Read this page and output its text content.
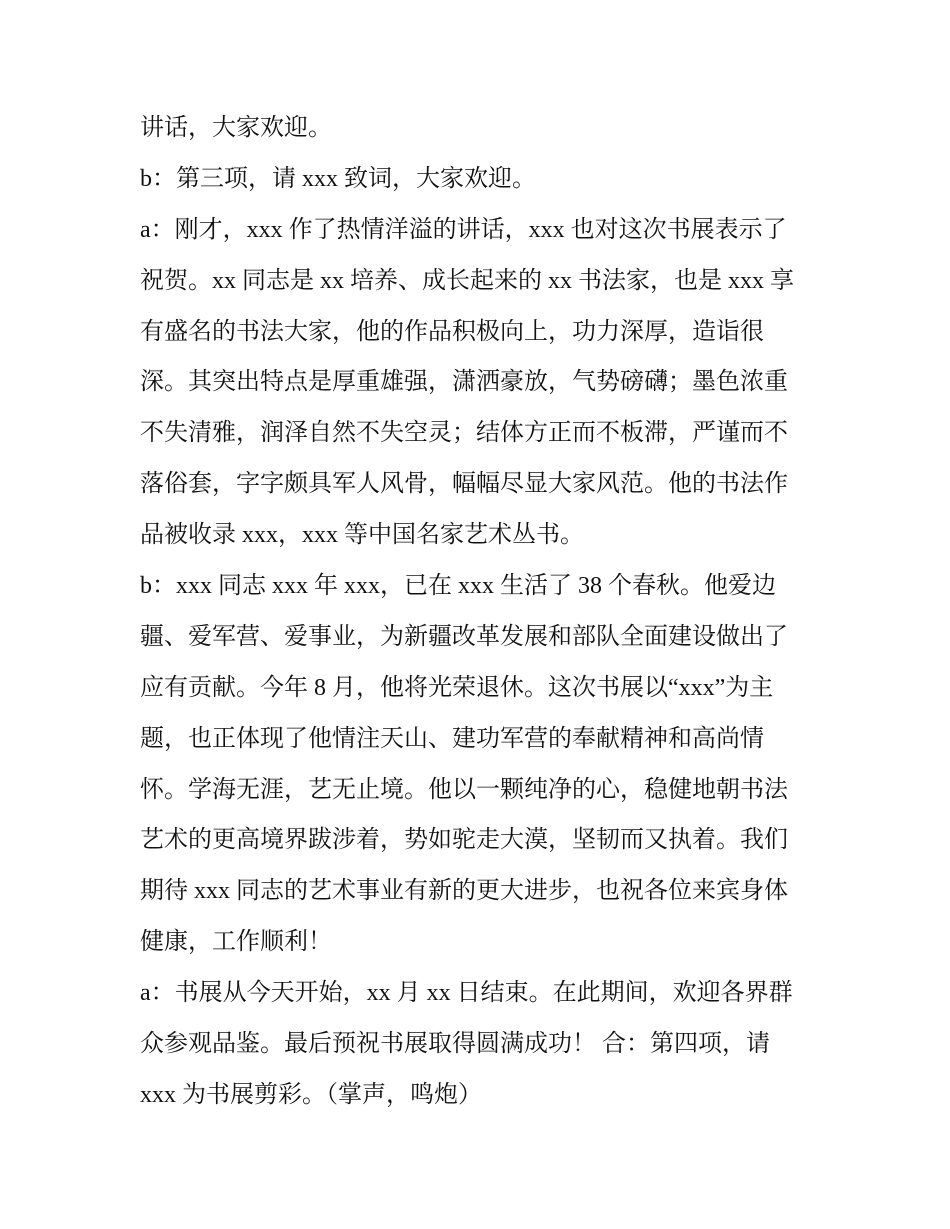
讲话，大家欢迎。
b：第三项，请 xxx 致词，大家欢迎。
a：刚才，xxx 作了热情洋溢的讲话，xxx 也对这次书展表示了
祝贺。xx 同志是 xx 培养、成长起来的 xx 书法家，也是 xxx 享
有盛名的书法大家，他的作品积极向上，功力深厚，造诣很
深。其突出特点是厚重雄强，潇洒豪放，气势磅礴；墨色浓重
不失清雅，润泽自然不失空灵；结体方正而不板滞，严谨而不
落俗套，字字颇具军人风骨，幅幅尽显大家风范。他的书法作
品被收录 xxx，xxx 等中国名家艺术丛书。
b：xxx 同志 xxx 年 xxx，已在 xxx 生活了 38 个春秋。他爱边
疆、爱军营、爱事业，为新疆改革发展和部队全面建设做出了
应有贡献。今年 8 月，他将光荣退休。这次书展以“xxx”为主
题，也正体现了他情注天山、建功军营的奉献精神和高尚情
怀。学海无涯，艺无止境。他以一颗纯净的心，稳健地朝书法
艺术的更高境界跋涉着，势如驼走大漠，坚韧而又执着。我们
期待 xxx 同志的艺术事业有新的更大进步，也祝各位来宾身体
健康，工作顺利！
a：书展从今天开始，xx 月 xx 日结束。在此期间，欢迎各界群
众参观品鉴。最后预祝书展取得圆满成功！ 合：第四项，请
xxx 为书展剪彩。（掌声，鸣炮）
